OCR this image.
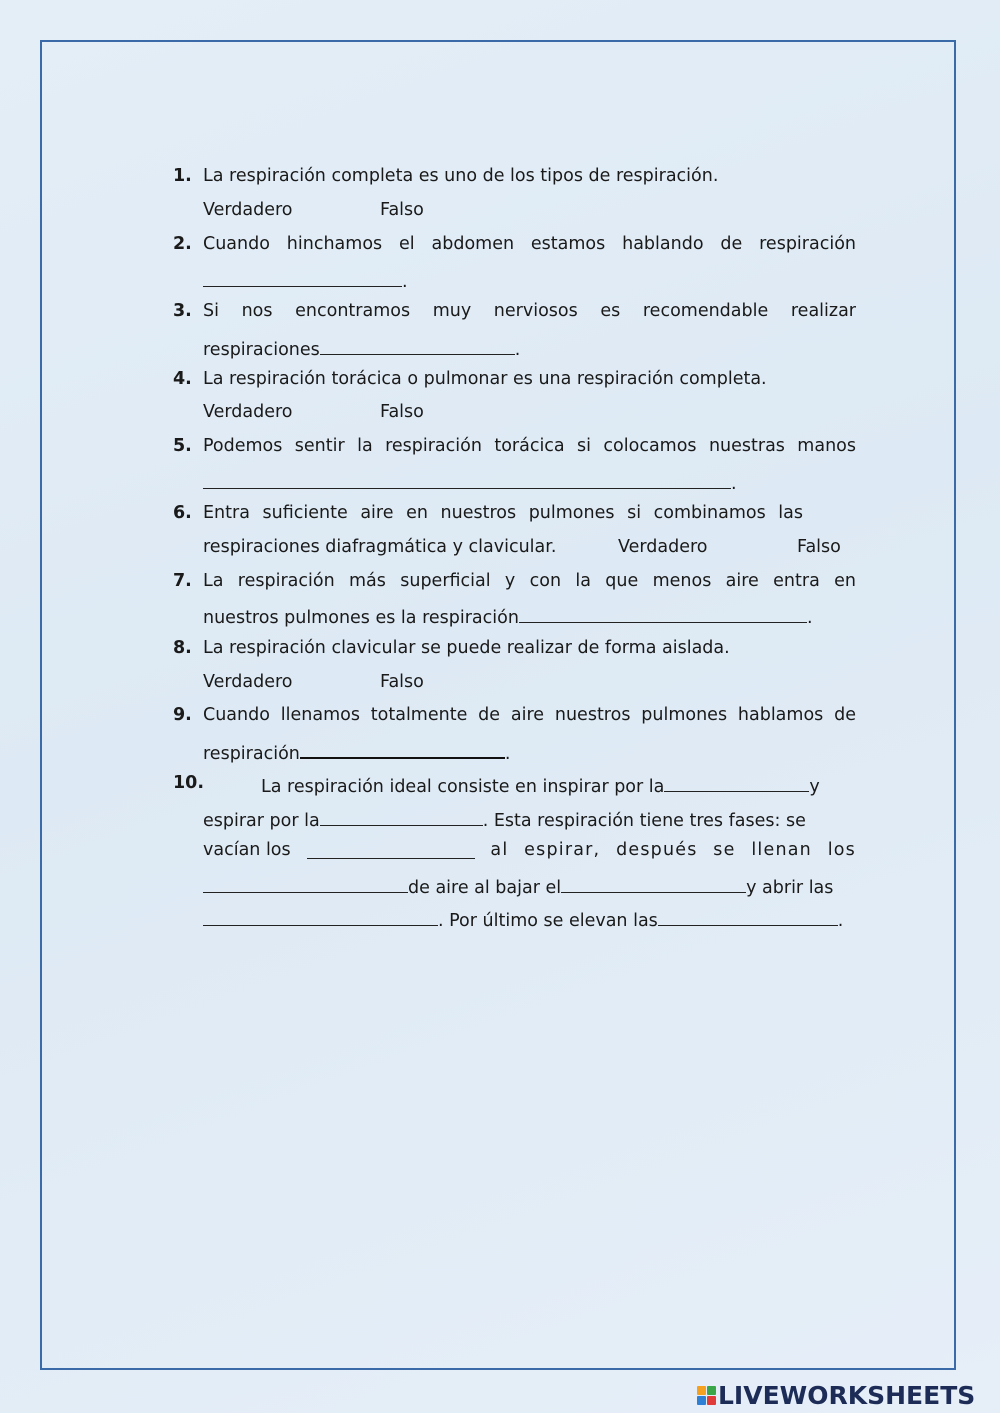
1. La respiración completa es uno de los tipos de respiración.
Verdadero	Falso
2. Cuando hinchamos el abdomen estamos hablando de respiración
.
3. Si nos encontramos muy nerviosos es recomendable realizar
respiraciones	.
4. La respiración torácica o pulmonar es una respiración completa.
Verdadero	Falso
5. Podemos sentir la respiración torácica si colocamos nuestras manos
.
6. Entra suficiente aire en nuestros pulmones si combinamos las
respiraciones diafragmática y clavicular.	Verdadero	Falso
7. La respiración más superficial y con la que menos aire entra en
nuestros pulmones es la respiración	.
8. La respiración clavicular se puede realizar de forma aislada.
Verdadero	Falso
9. Cuando llenamos totalmente de aire nuestros pulmones hablamos de
respiración	.
10.	La respiración ideal consiste en inspirar por la	y
espirar por la	. Esta respiración tiene tres fases: se
vacían los	al espirar, después se llenan los
de aire al bajar el	y abrir las
. Por último se elevan las	.
LIVEWORKSHEETS
